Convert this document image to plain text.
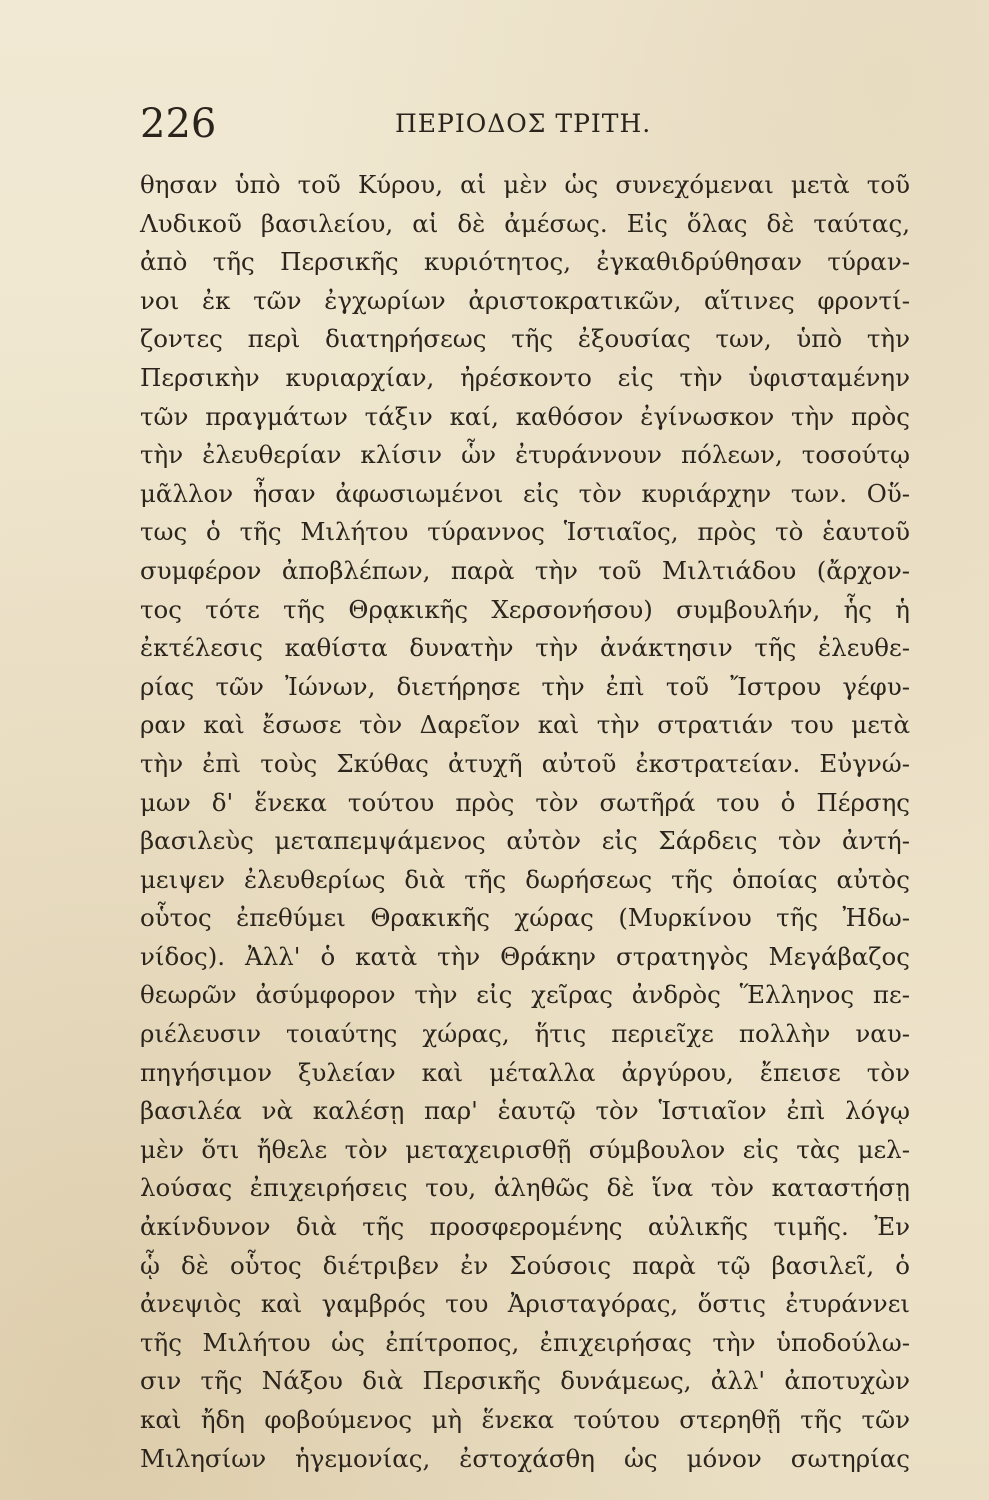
226	ΠΕΡΙΟΔΟΣ ΤΡΙΤΗ.
θησαν ὑπὸ τοῦ Κύρου, αἱ μὲν ὡς συνεχόμεναι μετὰ τοῦ
Λυδικοῦ βασιλείου, αἱ δὲ ἀμέσως. Εἰς ὅλας δὲ ταύτας,
ἀπὸ τῆς Περσικῆς κυριότητος, ἐγκαθιδρύθησαν τύραν-
νοι ἐκ τῶν ἐγχωρίων ἀριστοκρατικῶν, αἵτινες φροντί-
ζοντες περὶ διατηρήσεως τῆς ἐξουσίας των, ὑπὸ τὴν
Περσικὴν κυριαρχίαν, ἠρέσκοντο εἰς τὴν ὑφισταμένην
τῶν πραγμάτων τάξιν καί, καθόσον ἐγίνωσκον τὴν πρὸς
τὴν ἐλευθερίαν κλίσιν ὧν ἐτυράννουν πόλεων, τοσούτῳ
μᾶλλον ἦσαν ἀφωσιωμένοι εἰς τὸν κυριάρχην των. Οὕ-
τως ὁ τῆς Μιλήτου τύραννος Ἱστιαῖος, πρὸς τὸ ἑαυτοῦ
συμφέρον ἀποβλέπων, παρὰ τὴν τοῦ Μιλτιάδου (ἄρχον-
τος τότε τῆς Θρᾳκικῆς Χερσονήσου) συμβουλήν, ἧς ἡ
ἐκτέλεσις καθίστα δυνατὴν τὴν ἀνάκτησιν τῆς ἐλευθε-
ρίας τῶν Ἰώνων, διετήρησε τὴν ἐπὶ τοῦ Ἴστρου γέφυ-
ραν καὶ ἔσωσε τὸν Δαρεῖον καὶ τὴν στρατιάν του μετὰ
τὴν ἐπὶ τοὺς Σκύθας ἀτυχῆ αὐτοῦ ἐκστρατείαν. Εὐγνώ-
μων δ' ἕνεκα τούτου πρὸς τὸν σωτῆρά του ὁ Πέρσης
βασιλεὺς μεταπεμψάμενος αὐτὸν εἰς Σάρδεις τὸν ἀντή-
μειψεν ἐλευθερίως διὰ τῆς δωρήσεως τῆς ὁποίας αὐτὸς
οὗτος ἐπεθύμει Θρακικῆς χώρας (Μυρκίνου τῆς Ἠδω-
νίδος). Ἀλλ' ὁ κατὰ τὴν Θράκην στρατηγὸς Μεγάβαζος
θεωρῶν ἀσύμφορον τὴν εἰς χεῖρας ἀνδρὸς Ἕλληνος πε-
ριέλευσιν τοιαύτης χώρας, ἥτις περιεῖχε πολλὴν ναυ-
πηγήσιμον ξυλείαν καὶ μέταλλα ἀργύρου, ἔπεισε τὸν
βασιλέα νὰ καλέσῃ παρ' ἑαυτῷ τὸν Ἱστιαῖον ἐπὶ λόγῳ
μὲν ὅτι ἤθελε τὸν μεταχειρισθῇ σύμβουλον εἰς τὰς μελ-
λούσας ἐπιχειρήσεις του, ἀληθῶς δὲ ἵνα τὸν καταστήσῃ
ἀκίνδυνον διὰ τῆς προσφερομένης αὐλικῆς τιμῆς. Ἐν
ᾧ δὲ οὗτος διέτριβεν ἐν Σούσοις παρὰ τῷ βασιλεῖ, ὁ
ἀνεψιὸς καὶ γαμβρός του Ἀρισταγόρας, ὅστις ἐτυράννει
τῆς Μιλήτου ὡς ἐπίτροπος, ἐπιχειρήσας τὴν ὑποδούλω-
σιν τῆς Νάξου διὰ Περσικῆς δυνάμεως, ἀλλ' ἀποτυχὼν
καὶ ἤδη φοβούμενος μὴ ἕνεκα τούτου στερηθῇ τῆς τῶν
Μιλησίων ἡγεμονίας, ἐστοχάσθη ὡς μόνον σωτηρίας
